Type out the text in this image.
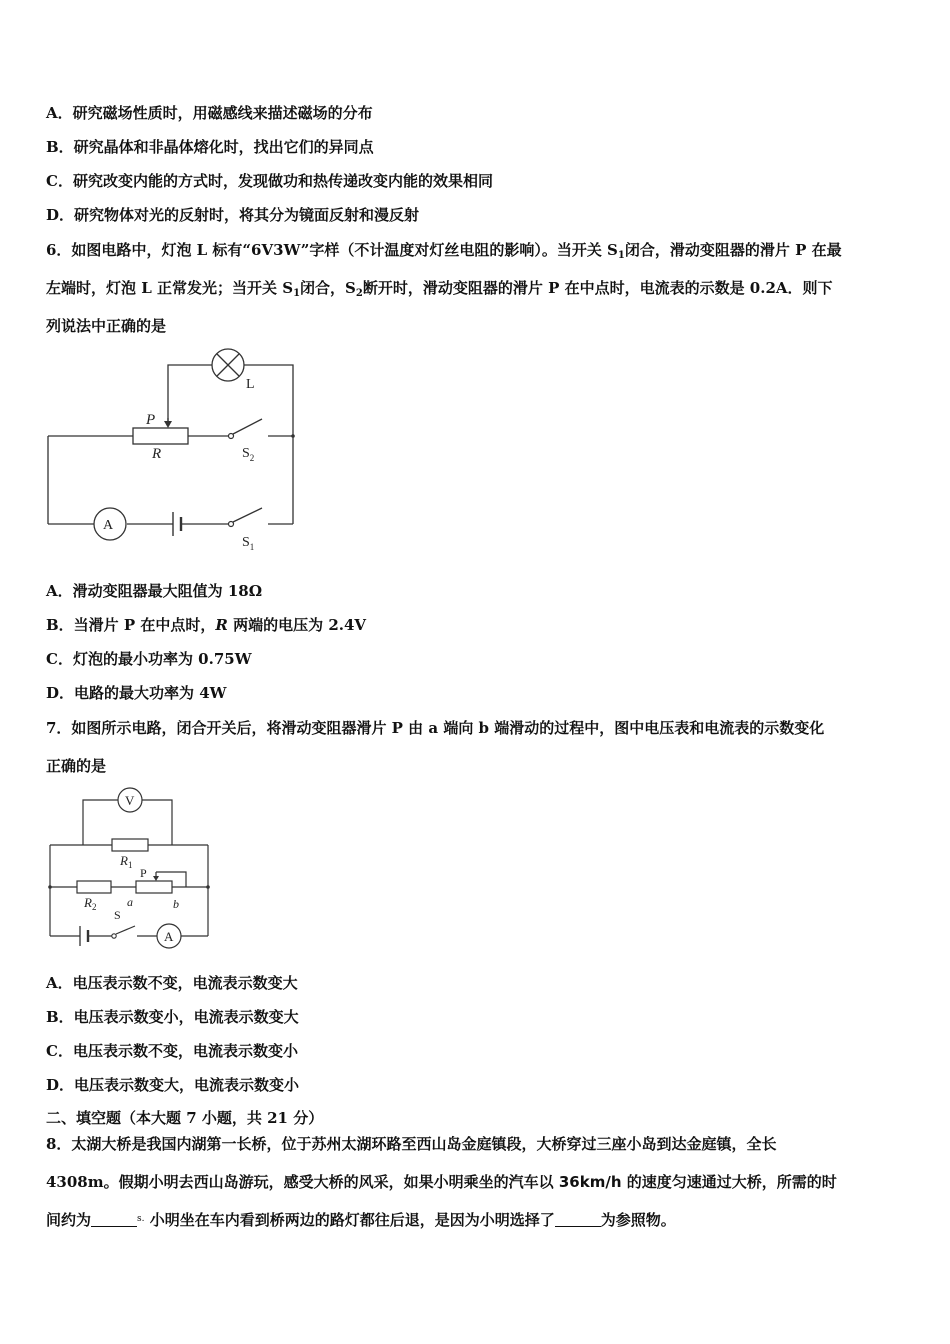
A．研究磁场性质时，用磁感线来描述磁场的分布
B．研究晶体和非晶体熔化时，找出它们的异同点
C．研究改变内能的方式时，发现做功和热传递改变内能的效果相同
D．研究物体对光的反射时，将其分为镜面反射和漫反射
6．如图电路中，灯泡 L 标有“6V3W”字样（不计温度对灯丝电阻的影响）。当开关 $S_1$闭合，滑动变阻器的滑片 P 在最
左端时，灯泡 L 正常发光；当开关 $S_1$闭合，$S_2$断开时，滑动变阻器的滑片 P 在中点时，电流表的示数是 0.2A．则下
列说法中正确的是
L
P
R	$S_2$
A
$S_1$
A．滑动变阻器最大阻值为 18Ω
B．当滑片 P 在中点时，R 两端的电压为 2.4V
C．灯泡的最小功率为 0.75W
D．电路的最大功率为 4W
7．如图所示电路，闭合开关后，将滑动变阻器滑片 P 由 a 端向 b 端滑动的过程中，图中电压表和电流表的示数变化
正确的是
V
$R_1$
$R_2$
P
a	b
S
A
A．电压表示数不变，电流表示数变大
B．电压表示数变小，电流表示数变大
C．电压表示数不变，电流表示数变小
D．电压表示数变大，电流表示数变小
二、填空题（本大题 7 小题，共 21 分）
8．太湖大桥是我国内湖第一长桥，位于苏州太湖环路至西山岛金庭镇段，大桥穿过三座小岛到达金庭镇，全长
4308m。假期小明去西山岛游玩，感受大桥的风采，如果小明乘坐的汽车以 36km/h 的速度匀速通过大桥，所需的时
间约为	$^{s.}$ 小明坐在车内看到桥两边的路灯都往后退，是因为小明选择了	为参照物。
